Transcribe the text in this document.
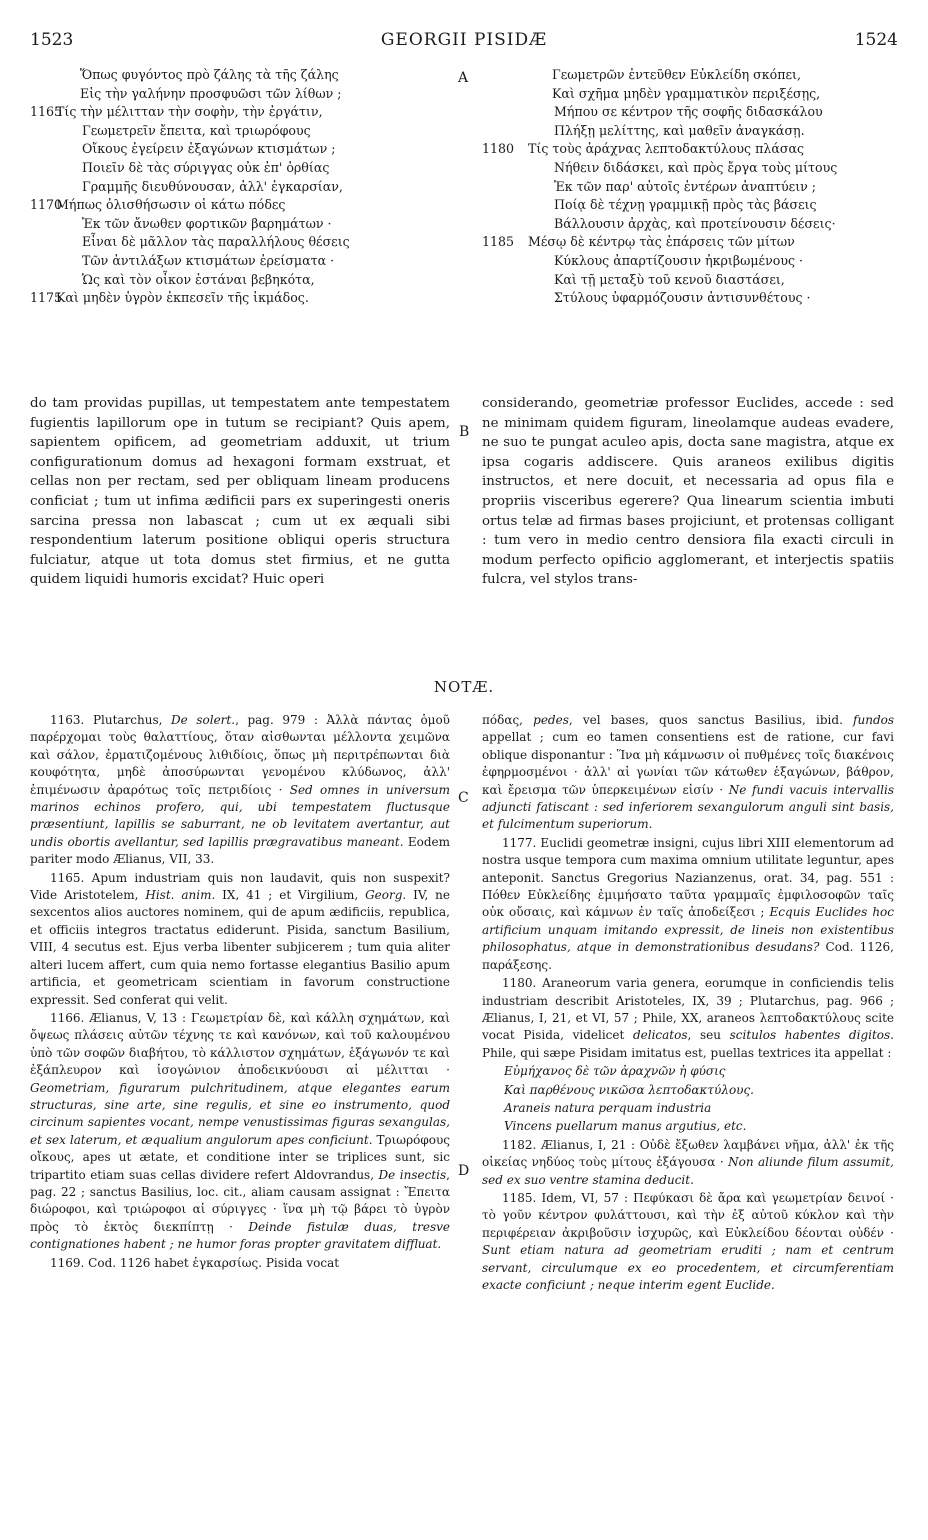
1523	GEORGII PISIDÆ	1524
A
B
C
D
Ὅπως φυγόντος πρὸ ζάλης τὰ τῆς ζάλης
Εἰς τὴν γαλήνην προσφυῶσι τῶν λίθων ;
1165
Τίς τὴν μέλιτταν τὴν σοφὴν, τὴν ἐργάτιν,
Γεωμετρεῖν ἔπειτα, καὶ τριωρόφους
Οἴκους ἐγείρειν ἑξαγώνων κτισμάτων ;
Ποιεῖν δὲ τὰς σύριγγας οὐκ ἐπ' ὀρθίας
Γραμμῆς διευθύνουσαν, ἀλλ' ἐγκαρσίαν,
1170
Μήπως ὀλισθήσωσιν οἱ κάτω πόδες
Ἐκ τῶν ἄνωθεν φορτικῶν βαρημάτων ·
Εἶναι δὲ μᾶλλον τὰς παραλλήλους θέσεις
Τῶν ἀντιλάξων κτισμάτων ἐρείσματα ·
Ὡς καὶ τὸν οἶκον ἑστάναι βεβηκότα,
1175
Καὶ μηδὲν ὑγρὸν ἐκπεσεῖν τῆς ἰκμάδος.
Γεωμετρῶν ἐντεῦθεν Εὐκλείδη σκόπει,
Καὶ σχῆμα μηδὲν γραμματικὸν περιξέσῃς,
Μήπου σε κέντρον τῆς σοφῆς διδασκάλου
Πλήξῃ μελίττης, καὶ μαθεῖν ἀναγκάσῃ.
1180	Τίς τοὺς ἀράχνας λεπτοδακτύλους πλάσας
Νήθειν διδάσκει, καὶ πρὸς ἔργα τοὺς μίτους
Ἐκ τῶν παρ' αὐτοῖς ἐντέρων ἀναπτύειν ;
Ποίᾳ δὲ τέχνῃ γραμμικῇ πρὸς τὰς βάσεις
Βάλλουσιν ἀρχὰς, καὶ προτείνουσιν δέσεις·
1185	Μέσῳ δὲ κέντρῳ τὰς ἐπάρσεις τῶν μίτων
Κύκλους ἀπαρτίζουσιν ἠκριβωμένους ·
Καὶ τῇ μεταξὺ τοῦ κενοῦ διαστάσει,
Στύλους ὑφαρμόζουσιν ἀντισυνθέτους ·

do tam providas pupillas, ut tempestatem ante tempestatem fugientis lapillorum ope in tutum se recipiant? Quis apem, sapientem opificem, ad geometriam adduxit, ut trium configurationum domus ad hexagoni formam exstruat, et cellas non per rectam, sed per obliquam lineam producens conficiat ; tum ut infima ædificii pars ex superingesti oneris sarcina pressa non labascat ; cum ut ex æquali sibi respondentium laterum positione obliqui operis structura fulciatur, atque ut tota domus stet firmius, et ne gutta quidem liquidi humoris excidat? Huic operi

considerando, geometriæ professor Euclides, accede : sed ne minimam quidem figuram, lineolamque audeas evadere, ne suo te pungat aculeo apis, docta sane magistra, atque ex ipsa cogaris addiscere. Quis araneos exilibus digitis instructos, et nere docuit, et necessaria ad opus fila e propriis visceribus egerere? Qua linearum scientia imbuti ortus telæ ad firmas bases projiciunt, et protensas colligant : tum vero in medio centro densiora fila exacti circuli in modum perfecto opificio agglomerant, et interjectis spatiis fulcra, vel stylos trans-

NOTÆ.

1163. Plutarchus, De solert., pag. 979 : Ἀλλὰ πάντας ὁμοῦ παρέρχομαι τοὺς θαλαττίους, ὅταν αἰσθωνται μέλλοντα χειμῶνα καὶ σάλον, ἐρματιζομένους λιθιδίοις, ὅπως μὴ περιτρέπωνται διὰ κουφότητα, μηδὲ ἀποσύρωνται γενομένου κλύδωνος, ἀλλ' ἐπιμένωσιν ἀραρότως τοῖς πετριδίοις · Sed omnes in universum marinos echinos profero, qui, ubi tempestatem fluctusque præsentiunt, lapillis se saburrant, ne ob levitatem avertantur, aut undis obortis avellantur, sed lapillis prægravatibus maneant. Eodem pariter modo Ælianus, VII, 33.

1165. Apum industriam quis non laudavit, quis non suspexit? Vide Aristotelem, Hist. anim. IX, 41 ; et Virgilium, Georg. IV, ne sexcentos alios auctores nominem, qui de apum ædificiis, republica, et officiis integros tractatus ediderunt. Pisida, sanctum Basilium, VIII, 4 secutus est. Ejus verba libenter subjicerem ; tum quia aliter alteri lucem affert, cum quia nemo fortasse elegantius Basilio apum artificia, et geometricam scientiam in favorum constructione expressit. Sed conferat qui velit.

1166. Ælianus, V, 13 : Γεωμετρίαν δὲ, καὶ κάλλη σχημάτων, καὶ ὄψεως πλάσεις αὐτῶν τέχνης τε καὶ κανόνων, καὶ τοῦ καλουμένου ὑπὸ τῶν σοφῶν διαβήτου, τὸ κάλλιστον σχημάτων, ἑξάγωνόν τε καὶ ἐξάπλευρον καὶ ἰσογώνιον ἀποδεικνύουσι αἱ μέλιτται · Geometriam, figurarum pulchritudinem, atque elegantes earum structuras, sine arte, sine regulis, et sine eo instrumento, quod circinum sapientes vocant, nempe venustissimas figuras sexangulas, et sex laterum, et æqualium angulorum apes conficiunt. Τριωρόφους οἴκους, apes ut ætate, et conditione inter se triplices sunt, sic tripartito etiam suas cellas dividere refert Aldovrandus, De insectis, pag. 22 ; sanctus Basilius, loc. cit., aliam causam assignat : Ἔπειτα διώροφοι, καὶ τριώροφοι αἱ σύριγγες · ἵνα μὴ τῷ βάρει τὸ ὑγρὸν πρὸς τὸ ἐκτὸς διεκπίπτῃ · Deinde fistulæ duas, tresve contignationes habent ; ne humor foras propter gravitatem diffluat.

1169. Cod. 1126 habet ἐγκαρσίως. Pisida vocat

πόδας, pedes, vel bases, quos sanctus Basilius, ibid. fundos appellat ; cum eo tamen consentiens est de ratione, cur favi oblique disponantur : Ἵνα μὴ κάμνωσιν οἱ πυθμένες τοῖς διακένοις ἐφηρμοσμένοι · ἀλλ' αἱ γωνίαι τῶν κάτωθεν ἑξαγώνων, βάθρον, καὶ ἔρεισμα τῶν ὑπερκειμένων εἰσίν · Ne fundi vacuis intervallis adjuncti fatiscant : sed inferiorem sexangulorum anguli sint basis, et fulcimentum superiorum.

1177. Euclidi geometræ insigni, cujus libri XIII elementorum ad nostra usque tempora cum maxima omnium utilitate leguntur, apes anteponit. Sanctus Gregorius Nazianzenus, orat. 34, pag. 551 : Πόθεν Εὐκλείδης ἐμιμήσατο ταῦτα γραμμαῖς ἐμφιλοσοφῶν ταῖς οὐκ οὔσαις, καὶ κάμνων ἐν ταῖς ἀποδείξεσι ; Ecquis Euclides hoc artificium unquam imitando expressit, de lineis non existentibus philosophatus, atque in demonstrationibus desudans? Cod. 1126, παράξεσης.

1180. Araneorum varia genera, eorumque in conficiendis telis industriam describit Aristoteles, IX, 39 ; Plutarchus, pag. 966 ; Ælianus, I, 21, et VI, 57 ; Phile, XX, araneos λεπτοδακτύλους scite vocat Pisida, videlicet delicatos, seu scitulos habentes digitos. Phile, qui sæpe Pisidam imitatus est, puellas textrices ita appellat :

Εὐμήχανος δὲ τῶν ἀραχνῶν ἡ φύσις

Καὶ παρθένους νικῶσα λεπτοδακτύλους.

Araneis natura perquam industria

Vincens puellarum manus argutius, etc.

1182. Ælianus, I, 21 : Οὐδὲ ἔξωθεν λαμβάνει νῆμα, ἀλλ' ἐκ τῆς οἰκείας νηδύος τοὺς μίτους ἐξάγουσα · Non aliunde filum assumit, sed ex suo ventre stamina deducit.

1185. Idem, VI, 57 : Πεφύκασι δὲ ἄρα καὶ γεωμετρίαν δεινοί · τὸ γοῦν κέντρον φυλάττουσι, καὶ τὴν ἐξ αὐτοῦ κύκλον καὶ τὴν περιφέρειαν ἀκριβοῦσιν ἰσχυρῶς, καὶ Εὐκλείδου δέονται οὐδέν · Sunt etiam natura ad geometriam eruditi ; nam et centrum servant, circulumque ex eo procedentem, et circumferentiam exacte conficiunt ; neque interim egent Euclide.
